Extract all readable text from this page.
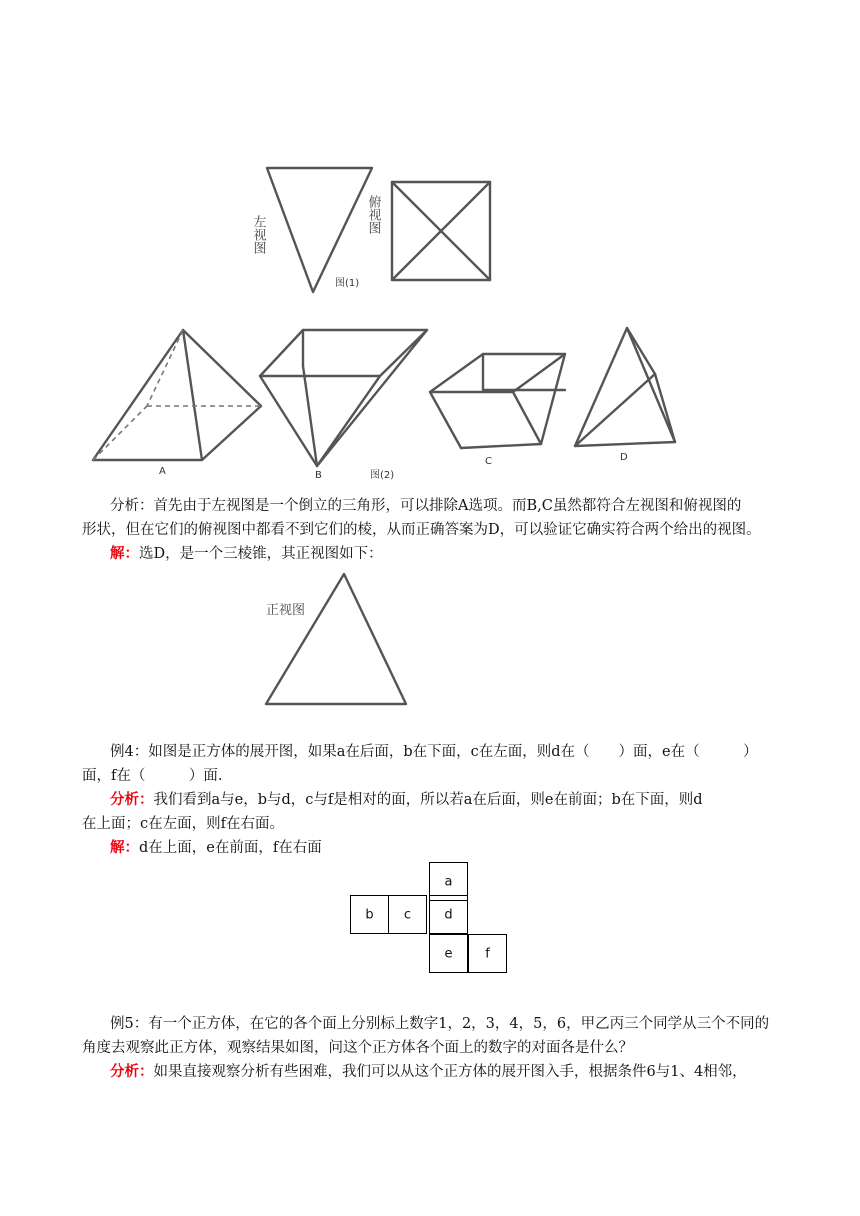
左视图
图(1)
俯视图
A	B	图(2)
C	D
分析：首先由于左视图是一个倒立的三角形，可以排除A选项。而B,C虽然都符合左视图和俯视图的
形状，但在它们的俯视图中都看不到它们的棱，从而正确答案为D，可以验证它确实符合两个给出的视图。
解：选D，是一个三棱锥，其正视图如下：
正视图
例4：如图是正方体的展开图，如果a在后面，b在下面，c在左面，则d在（　　）面，e在（　　　）
面，f在（　　　）面.
分析：我们看到a与e，b与d，c与f是相对的面，所以若a在后面，则e在前面；b在下面，则d
在上面；c在左面，则f在右面。
解：d在上面，e在前面，f在右面
a
b c	d
e	f
例5：有一个正方体，在它的各个面上分别标上数字1，2，3，4，5，6，甲乙丙三个同学从三个不同的
角度去观察此正方体，观察结果如图，问这个正方体各个面上的数字的对面各是什么？
分析：如果直接观察分析有些困难，我们可以从这个正方体的展开图入手，根据条件6与1、4相邻，
